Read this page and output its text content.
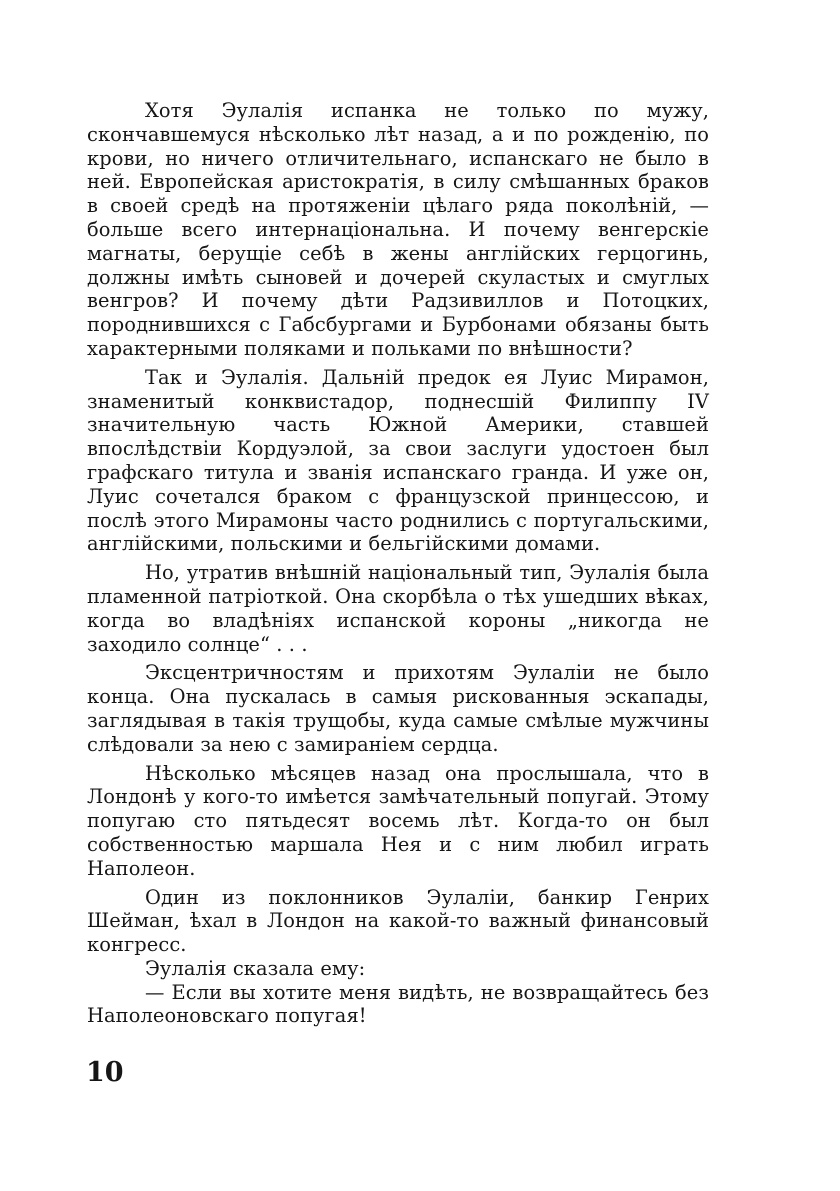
Хотя Эулалія испанка не только по мужу, скончавшемуся нѣсколько лѣт назад, а и по рожденію, по крови, но ничего отличительнаго, испанскаго не было в ней. Европейская аристократія, в силу смѣшанных браков в своей средѣ на протяженіи цѣлаго ряда поколѣній, — больше всего интернаціональна. И почему венгерскіе магнаты, берущіе себѣ в жены англійских герцогинь, должны имѣть сыновей и дочерей скуластых и смуглых венгров? И почему дѣти Радзивиллов и Потоцких, породнившихся с Габсбургами и Бурбонами обязаны быть характерными поляками и польками по внѣшности?

Так и Эулалія. Дальній предок ея Луис Мирамон, знаменитый конквистадор, поднесшій Филиппу IV значительную часть Южной Америки, ставшей впослѣдствіи Кордуэлой, за свои заслуги удостоен был графскаго титула и званія испанскаго гранда. И уже он, Луис сочетался браком с французской принцессою, и послѣ этого Мирамоны часто роднились с португальскими, англійскими, польскими и бельгійскими домами.

Но, утратив внѣшній національный тип, Эулалія была пламенной патріоткой. Она скорбѣла о тѣх ушедших вѣках, когда во владѣніях испанской короны „никогда не заходило солнце“ . . .

Эксцентричностям и прихотям Эулаліи не было конца. Она пускалась в самыя рискованныя эскапады, заглядывая в такія трущобы, куда самые смѣлые мужчины слѣдовали за нею с замираніем сердца.

Нѣсколько мѣсяцев назад она прослышала, что в Лондонѣ у кого-то имѣется замѣчательный попугай. Этому попугаю сто пятьдесят восемь лѣт. Когда-то он был собственностью маршала Нея и с ним любил играть Наполеон.

Один из поклонников Эулаліи, банкир Генрих Шейман, ѣхал в Лондон на какой-то важный финансовый конгресс.

Эулалія сказала ему:

— Если вы хотите меня видѣть, не возвращайтесь без Наполеоновскаго попугая!

10
